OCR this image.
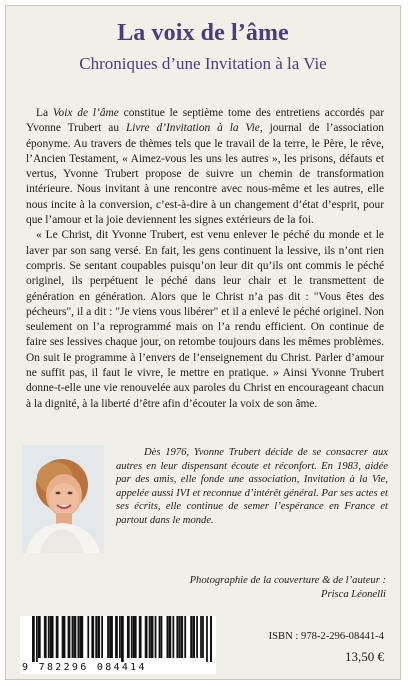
La voix de l’âme
Chroniques d’une Invitation à la Vie

La Voix de l’âme constitue le septième tome des entretiens accordés par Yvonne Trubert au Livre d’Invitation à la Vie, journal de l’association éponyme. Au travers de thèmes tels que le travail de la terre, le Père, le rêve, l’Ancien Testament, « Aimez-vous les uns les autres », les prisons, défauts et vertus, Yvonne Trubert propose de suivre un chemin de transformation intérieure. Nous invitant à une rencontre avec nous-même et les autres, elle nous incite à la conversion, c’est-à-dire à un changement d’état d’esprit, pour que l’amour et la joie deviennent les signes extérieurs de la foi.

« Le Christ, dit Yvonne Trubert, est venu enlever le péché du monde et le laver par son sang versé. En fait, les gens continuent la lessive, ils n’ont rien compris. Se sentant coupables puisqu’on leur dit qu’ils ont commis le péché originel, ils perpétuent le péché dans leur chair et le transmettent de génération en génération. Alors que le Christ n’a pas dit : "Vous êtes des pécheurs", il a dit : "Je viens vous libérer" et il a enlevé le péché originel. Non seulement on l’a reprogrammé mais on l’a rendu efficient. On continue de faire ses lessives chaque jour, on retombe toujours dans les mêmes problèmes. On suit le programme à l’envers de l’enseignement du Christ. Parler d’amour ne suffit pas, il faut le vivre, le mettre en pratique. » Ainsi Yvonne Trubert donne-t-elle une vie renouvelée aux paroles du Christ en encourageant chacun à la dignité, à la liberté d’être afin d’écouter la voix de son âme.

Dès 1976, Yvonne Trubert décide de se consacrer aux autres en leur dispensant écoute et réconfort. En 1983, aidée par des amis, elle fonde une association, Invitation à la Vie, appelée aussi IVI et reconnue d’intérêt général. Par ses actes et ses écrits, elle continue de semer l’espérance en France et partout dans le monde.
Photographie de la couverture & de l’auteur :
Prisca Léonelli
9 782296 084414
ISBN : 978-2-296-08441-4
13,50 €
